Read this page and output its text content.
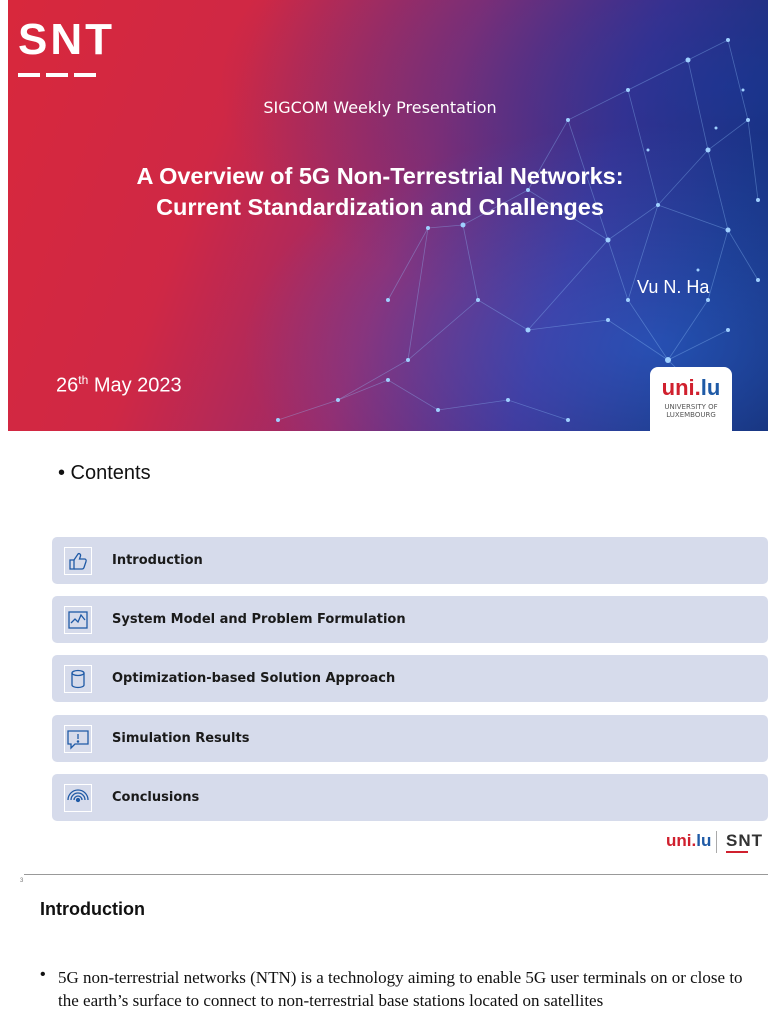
SNT
SIGCOM Weekly Presentation
A Overview of 5G Non-Terrestrial Networks:
Current Standardization and Challenges
Vu N. Ha
26th May 2023	uni.lu
UNIVERSITY OF
LUXEMBOURG
• Contents
Introduction
System Model and Problem Formulation
Optimization-based Solution Approach
Simulation Results
Conclusions
uni.lu SNT
3
Introduction
• 5G non-terrestrial networks (NTN) is a technology aiming to enable 5G user terminals on or close to the earth’s surface to connect to non-terrestrial base stations located on satellites
